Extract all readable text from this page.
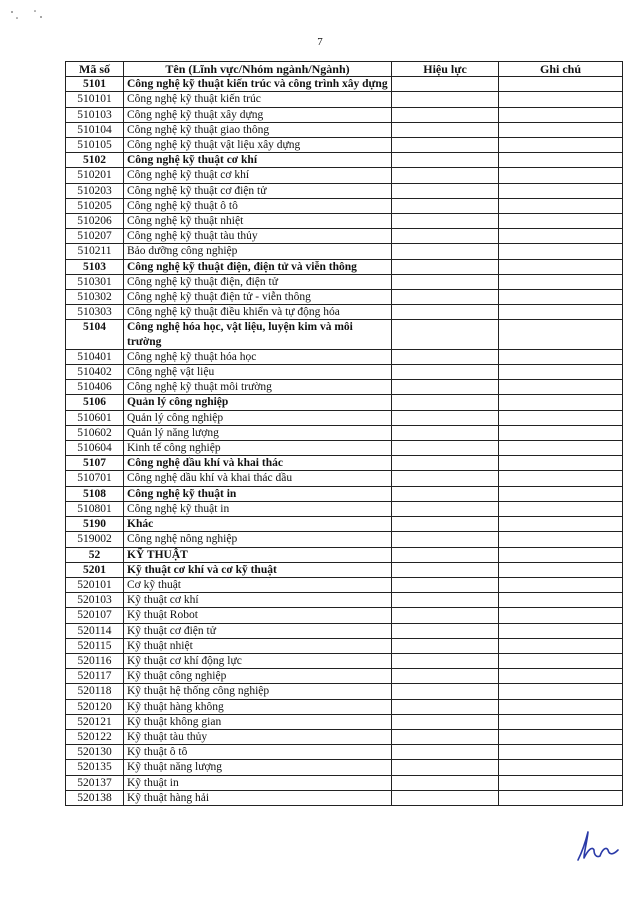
7
Mã số	Tên (Lĩnh vực/Nhóm ngành/Ngành)	Hiệu lực	Ghi chú
5101	Công nghệ kỹ thuật kiến trúc và công trình xây dựng		
510101	Công nghệ kỹ thuật kiến trúc		
510103	Công nghệ kỹ thuật xây dựng		
510104	Công nghệ kỹ thuật giao thông		
510105	Công nghệ kỹ thuật vật liệu xây dựng		
5102	Công nghệ kỹ thuật cơ khí		
510201	Công nghệ kỹ thuật cơ khí		
510203	Công nghệ kỹ thuật cơ điện tử		
510205	Công nghệ kỹ thuật ô tô		
510206	Công nghệ kỹ thuật nhiệt		
510207	Công nghệ kỹ thuật tàu thủy		
510211	Bảo dưỡng công nghiệp		
5103	Công nghệ kỹ thuật điện, điện tử và viễn thông		
510301	Công nghệ kỹ thuật điện, điện tử		
510302	Công nghệ kỹ thuật điện tử - viễn thông		
510303	Công nghệ kỹ thuật điều khiển và tự động hóa		
5104	Công nghệ hóa học, vật liệu, luyện kim và môi trường		
510401	Công nghệ kỹ thuật hóa học		
510402	Công nghệ vật liệu		
510406	Công nghệ kỹ thuật môi trường		
5106	Quản lý công nghiệp		
510601	Quản lý công nghiệp		
510602	Quản lý năng lượng		
510604	Kinh tế công nghiệp		
5107	Công nghệ dầu khí và khai thác		
510701	Công nghệ dầu khí và khai thác dầu		
5108	Công nghệ kỹ thuật in		
510801	Công nghệ kỹ thuật in		
5190	Khác		
519002	Công nghệ nông nghiệp		
52	KỸ THUẬT		
5201	Kỹ thuật cơ khí và cơ kỹ thuật		
520101	Cơ kỹ thuật		
520103	Kỹ thuật cơ khí		
520107	Kỹ thuật Robot		
520114	Kỹ thuật cơ điện tử		
520115	Kỹ thuật nhiệt		
520116	Kỹ thuật cơ khí động lực		
520117	Kỹ thuật công nghiệp		
520118	Kỹ thuật hệ thống công nghiệp		
520120	Kỹ thuật hàng không		
520121	Kỹ thuật không gian		
520122	Kỹ thuật tàu thủy		
520130	Kỹ thuật ô tô		
520135	Kỹ thuật năng lượng		
520137	Kỹ thuật in		
520138	Kỹ thuật hàng hải		
